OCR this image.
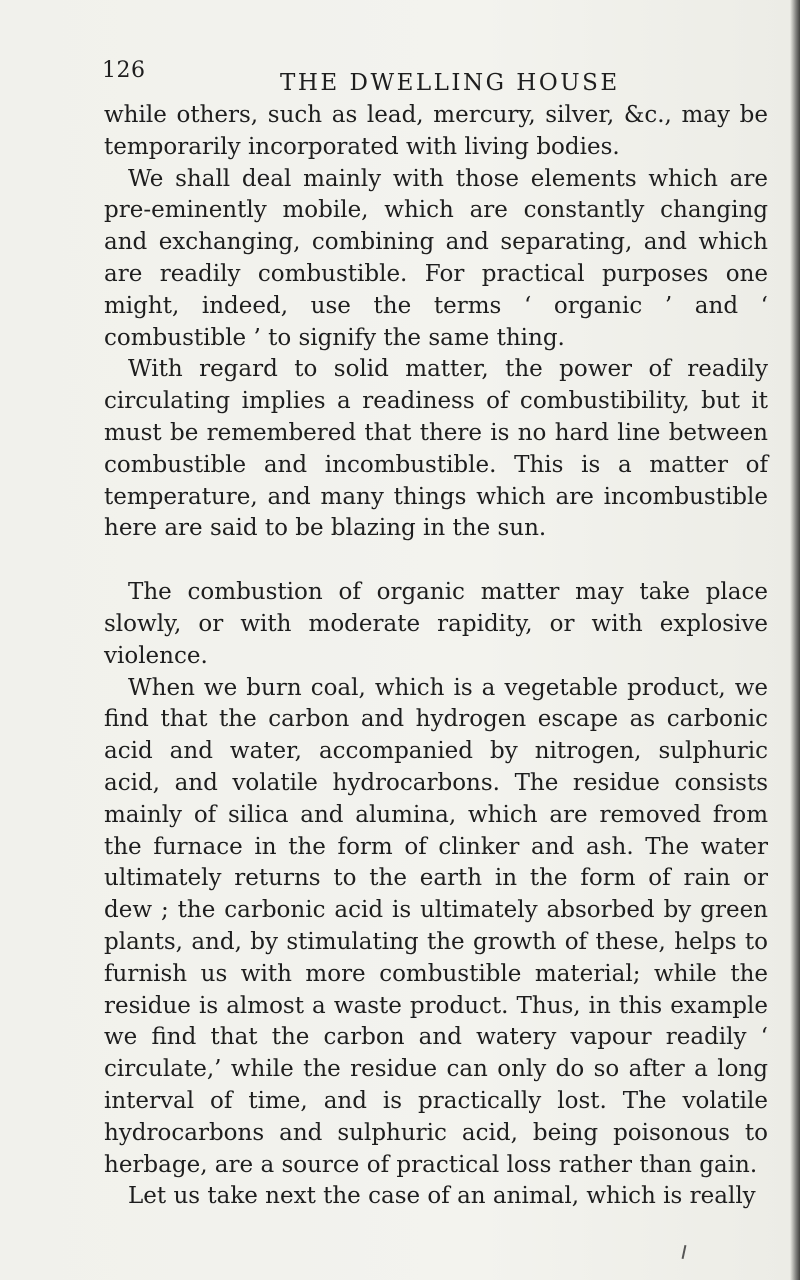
126	THE DWELLING HOUSE

while others, such as lead, mercury, silver, &c., may be temporarily incorporated with living bodies.

We shall deal mainly with those elements which are pre-eminently mobile, which are constantly changing and exchanging, combining and separating, and which are readily combustible. For practical purposes one might, indeed, use the terms ‘ organic ’ and ‘ combustible ’ to signify the same thing.

With regard to solid matter, the power of readily circulating implies a readiness of combustibility, but it must be remembered that there is no hard line between combustible and incombustible. This is a matter of temperature, and many things which are incombustible here are said to be blazing in the sun.

The combustion of organic matter may take place slowly, or with moderate rapidity, or with explosive violence.

When we burn coal, which is a vegetable product, we find that the carbon and hydrogen escape as carbonic acid and water, accompanied by nitrogen, sulphuric acid, and volatile hydrocarbons. The residue consists mainly of silica and alumina, which are removed from the furnace in the form of clinker and ash. The water ultimately returns to the earth in the form of rain or dew ; the carbonic acid is ultimately absorbed by green plants, and, by stimulating the growth of these, helps to furnish us with more combustible material; while the residue is almost a waste product. Thus, in this example we find that the carbon and watery vapour readily ‘ circulate,’ while the residue can only do so after a long interval of time, and is practically lost. The volatile hydrocarbons and sulphuric acid, being poisonous to herbage, are a source of practical loss rather than gain.

Let us take next the case of an animal, which is really
